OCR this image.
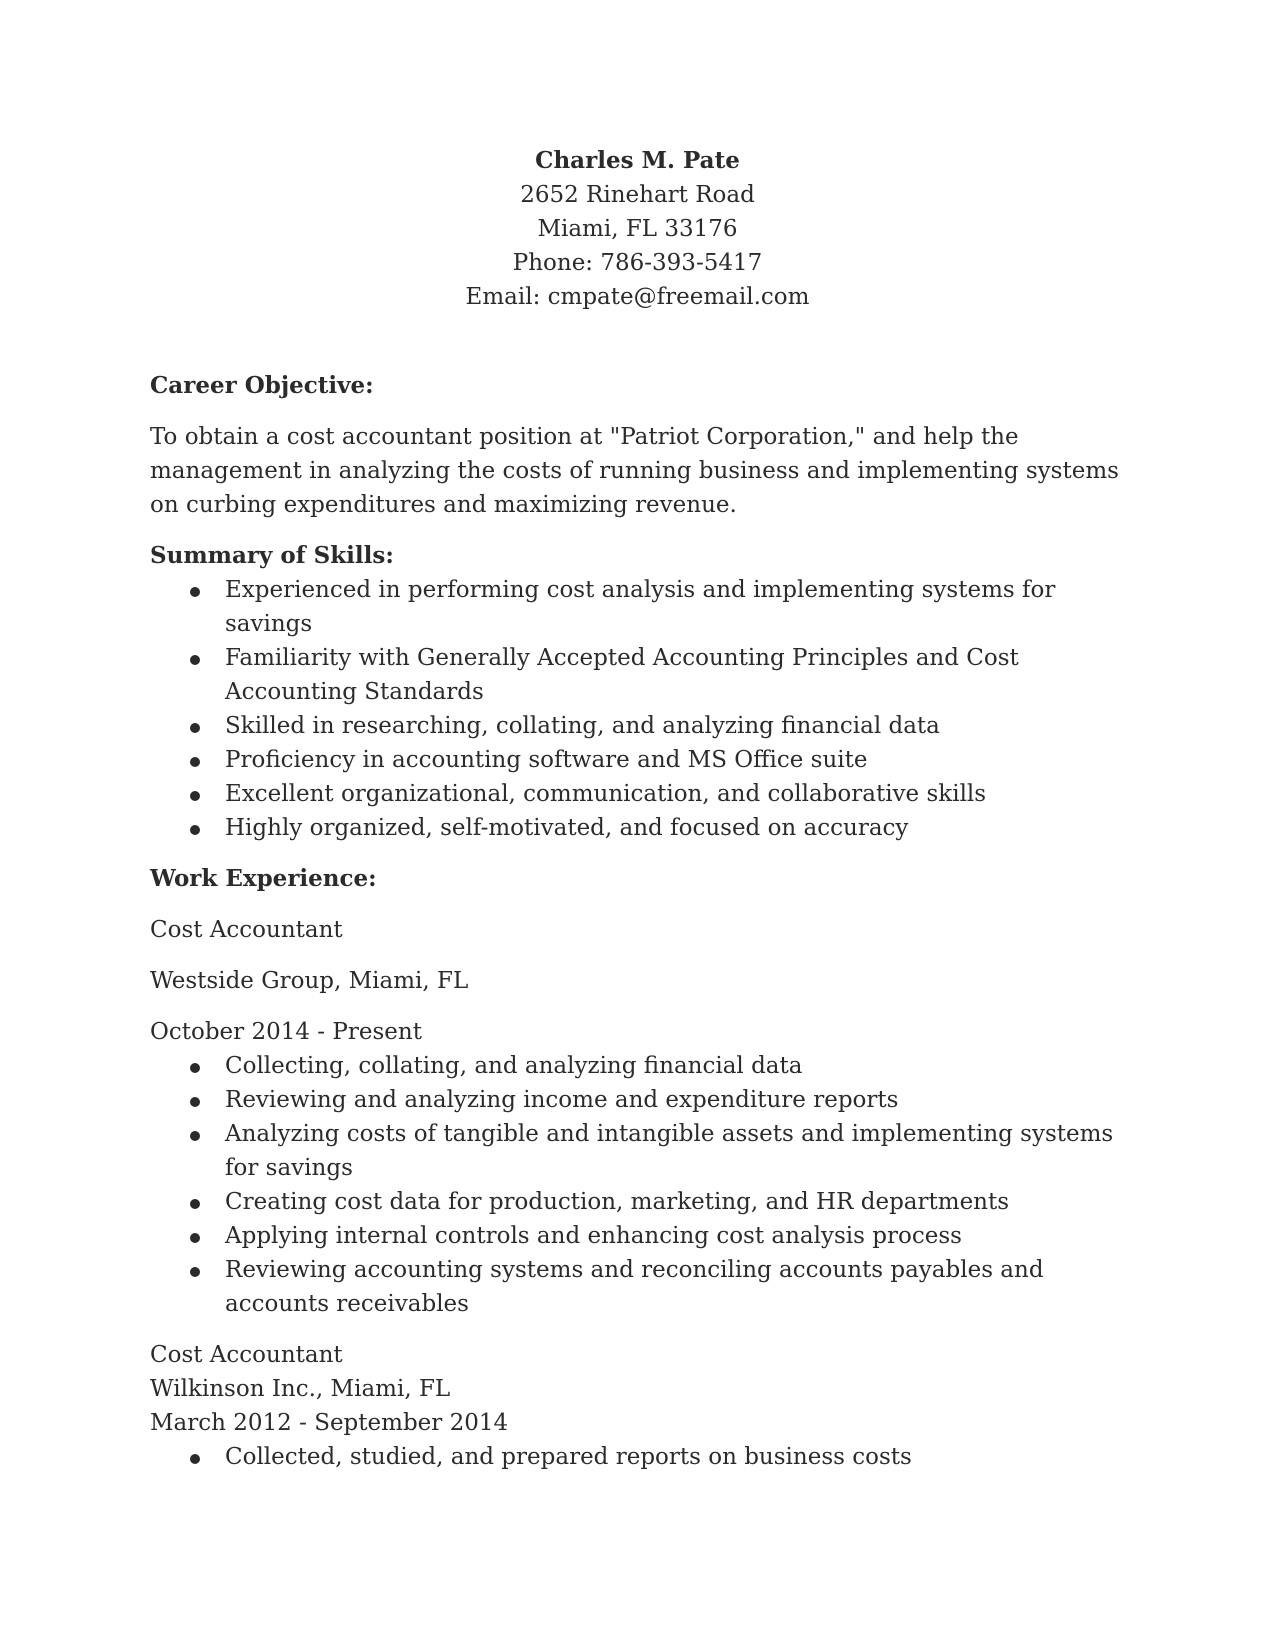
Charles M. Pate
2652 Rinehart Road
Miami, FL 33176
Phone: 786-393-5417
Email: cmpate@freemail.com

Career Objective:

To obtain a cost accountant position at "Patriot Corporation," and help the management in analyzing the costs of running business and implementing systems on curbing expenditures and maximizing revenue.

Summary of Skills:

Experienced in performing cost analysis and implementing systems for savings
Familiarity with Generally Accepted Accounting Principles and Cost Accounting Standards
Skilled in researching, collating, and analyzing financial data
Proficiency in accounting software and MS Office suite
Excellent organizational, communication, and collaborative skills
Highly organized, self-motivated, and focused on accuracy

Work Experience:

Cost Accountant

Westside Group, Miami, FL

October 2014 - Present

Collecting, collating, and analyzing financial data
Reviewing and analyzing income and expenditure reports
Analyzing costs of tangible and intangible assets and implementing systems for savings
Creating cost data for production, marketing, and HR departments
Applying internal controls and enhancing cost analysis process
Reviewing accounting systems and reconciling accounts payables and accounts receivables

Cost Accountant

Wilkinson Inc., Miami, FL

March 2012 - September 2014

Collected, studied, and prepared reports on business costs
